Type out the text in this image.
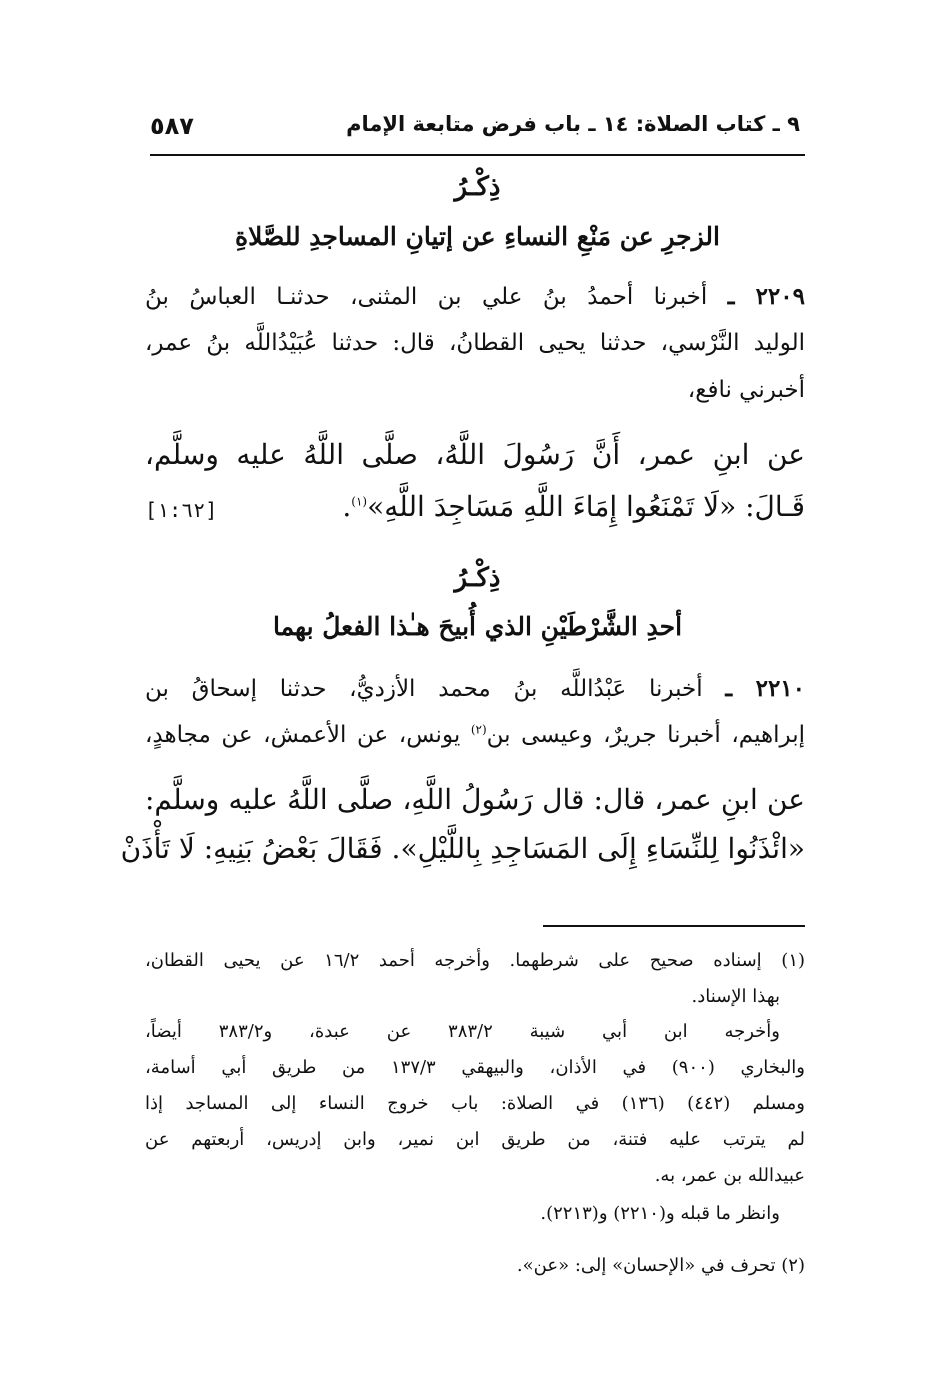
٩ ـ كتاب الصلاة: ١٤ ـ باب فرض متابعة الإمام
٥٨٧
ذِكْـرُ
الزجرِ عن مَنْعِ النساءِ عن إتيانِ المساجدِ للصَّلاةِ
٢٢٠٩ ـ أخبرنا أحمدُ بنُ علي بن المثنى، حدثنـا العباسُ بنُ
الوليد النَّرْسي، حدثنا يحيى القطانُ، قال: حدثنا عُبَيْدُاللَّه بنُ عمر،
أخبرني نافع،
عن ابنِ عمر، أَنَّ رَسُولَ اللَّهُ، صلَّى اللَّهُ عليه وسلَّم،
قَـالَ: «لَا تَمْنَعُوا إِمَاءَ اللَّهِ مَسَاجِدَ اللَّهِ»$^{(١)}$.
[١:٦٢]
ذِكْـرُ
أحدِ الشَّرْطَيْنِ الذي أُبيحَ هـٰذا الفعلُ بهما
٢٢١٠ ـ أخبرنا عَبْدُاللَّه بنُ محمد الأزديُّ، حدثنا إسحاقُ بن
إبراهيم، أخبرنا جريرٌ، وعيسى بن$^{(٢)}$ يونس، عن الأعمش، عن مجاهدٍ،
عن ابنِ عمر، قال: قال رَسُولُ اللَّهِ، صلَّى اللَّهُ عليه وسلَّم:
«ائْذَنُوا لِلنِّسَاءِ إِلَى المَسَاجِدِ بِاللَّيْلِ». فَقَالَ بَعْضُ بَنِيهِ: لَا تَأْذَنْ
(١) إسناده صحيح على شرطهما. وأخرجه أحمد ١٦/٢ عن يحيى القطان،
بهذا الإسناد.
وأخرجه ابن أبي شيبة ٣٨٣/٢ عن عبدة، و٣٨٣/٢ أيضاً،
والبخاري (٩٠٠) في الأذان، والبيهقي ١٣٧/٣ من طريق أبي أسامة،
ومسلم (٤٤٢) (١٣٦) في الصلاة: باب خروج النساء إلى المساجد إذا
لم يترتب عليه فتنة، من طريق ابن نمير، وابن إدريس، أربعتهم عن
عبيدالله بن عمر، به.
وانظر ما قبله و(٢٢١٠) و(٢٢١٣).
(٢) تحرف في «الإحسان» إلى: «عن».
